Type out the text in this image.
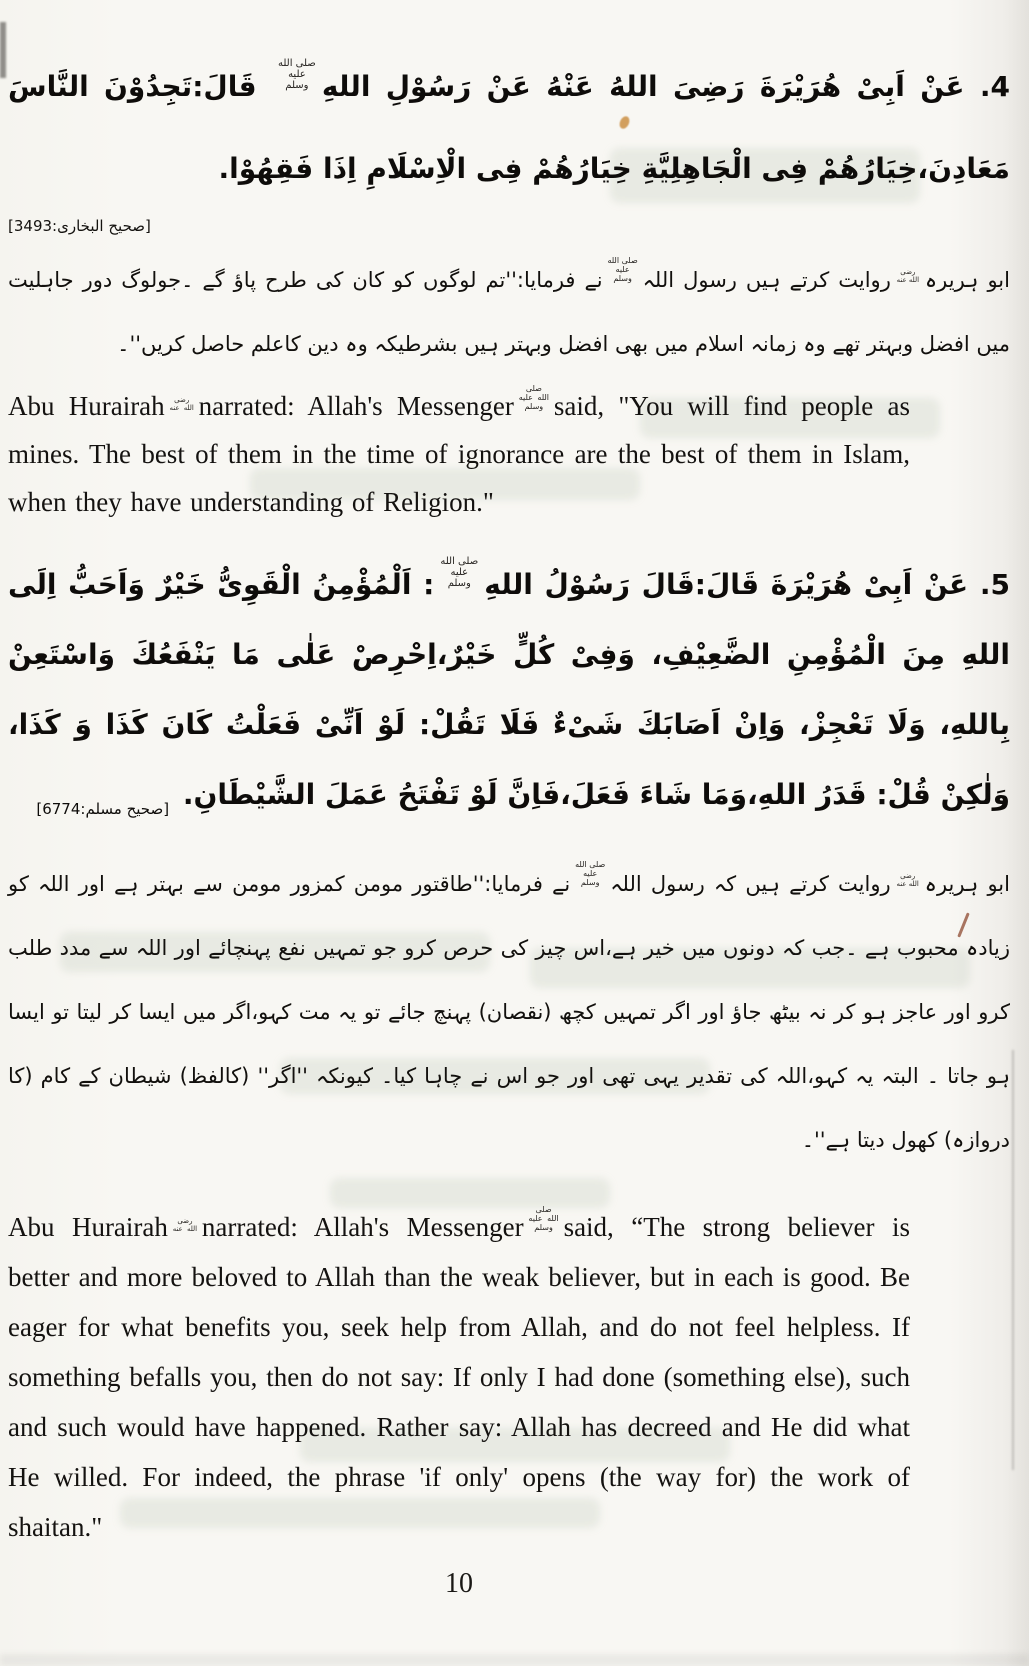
4. عَنْ اَبِىْ هُرَيْرَةَ رَضِىَ اللهُ عَنْهُ عَنْ رَسُوْلِ اللهِصلى الله عليه وسلم قَالَ:تَجِدُوْنَ النَّاسَ مَعَادِنَ،خِيَارُهُمْ فِى الْجَاهِلِيَّةِ خِيَارُهُمْ فِى الْاِسْلَامِ اِذَا فَقِهُوْا.

[صحيح البخارى:3493]

ابو ہریرہرضى الله عنهروایت کرتے ہیں رسول اللہصلى الله عليه وسلمنے فرمایا:''تم لوگوں کو کان کی طرح پاؤ گے ۔جولوگ دور جاہلیت میں افضل وبہتر تھے وہ زمانہ اسلام میں بھی افضل وبہتر ہیں بشرطیکہ وہ دین کاعلم حاصل کریں''۔

Abu Hurairah رضى الله عنه narrated: Allah's Messengerصلى الله عليه وسلم said, "You will find people as mines. The best of them in the time of ignorance are the best of them in Islam, when they have understanding of Religion."

5. عَنْ اَبِىْ هُرَيْرَةَ قَالَ:قَالَ رَسُوْلُ اللهِصلى الله عليه وسلم: اَلْمُؤْمِنُ الْقَوِىُّ خَيْرٌ وَاَحَبُّ اِلَى اللهِ مِنَ الْمُؤْمِنِ الضَّعِيْفِ، وَفِىْ كُلٍّ خَيْرٌ،اِحْرِصْ عَلٰى مَا يَنْفَعُكَ وَاسْتَعِنْ بِاللهِ، وَلَا تَعْجِزْ، وَاِنْ اَصَابَكَ شَىْءٌ فَلَا تَقُلْ: لَوْ اَنِّىْ فَعَلْتُ كَانَ كَذَا وَ كَذَا، وَلٰكِنْ قُلْ: قَدَرُ اللهِ،وَمَا شَاءَ فَعَلَ،فَاِنَّ لَوْ تَفْتَحُ عَمَلَ الشَّيْطَانِ. [صحيح مسلم:6774]

ابو ہریرہرضى الله عنهروایت کرتے ہیں کہ رسول اللہصلى الله عليه وسلمنے فرمایا:''طاقتور مومن کمزور مومن سے بہتر ہے اور اللہ کو زیادہ محبوب ہے ۔جب کہ دونوں میں خیر ہے،اس چیز کی حرص کرو جو تمہیں نفع پہنچائے اور اللہ سے مدد طلب کرو اور عاجز ہو کر نہ بیٹھ جاؤ اور اگر تمہیں کچھ (نقصان) پہنچ جائے تو یہ مت کہو،اگر میں ایسا کر لیتا تو ایسا ہو جاتا ۔ البتہ یہ کہو،اللہ کی تقدیر یہی تھی اور جو اس نے چاہا کیا۔ کیونکہ ''اگر'' (کالفظ) شیطان کے کام (کا دروازہ) کھول دیتا ہے''۔

Abu Hurairah رضى الله عنه narrated: Allah's Messengerصلى الله عليه وسلم said, “The strong believer is better and more beloved to Allah than the weak believer, but in each is good. Be eager for what benefits you, seek help from Allah, and do not feel helpless. If something befalls you, then do not say: If only I had done (something else), such and such would have happened. Rather say: Allah has decreed and He did what He willed. For indeed, the phrase 'if only' opens (the way for) the work of shaitan."

10
